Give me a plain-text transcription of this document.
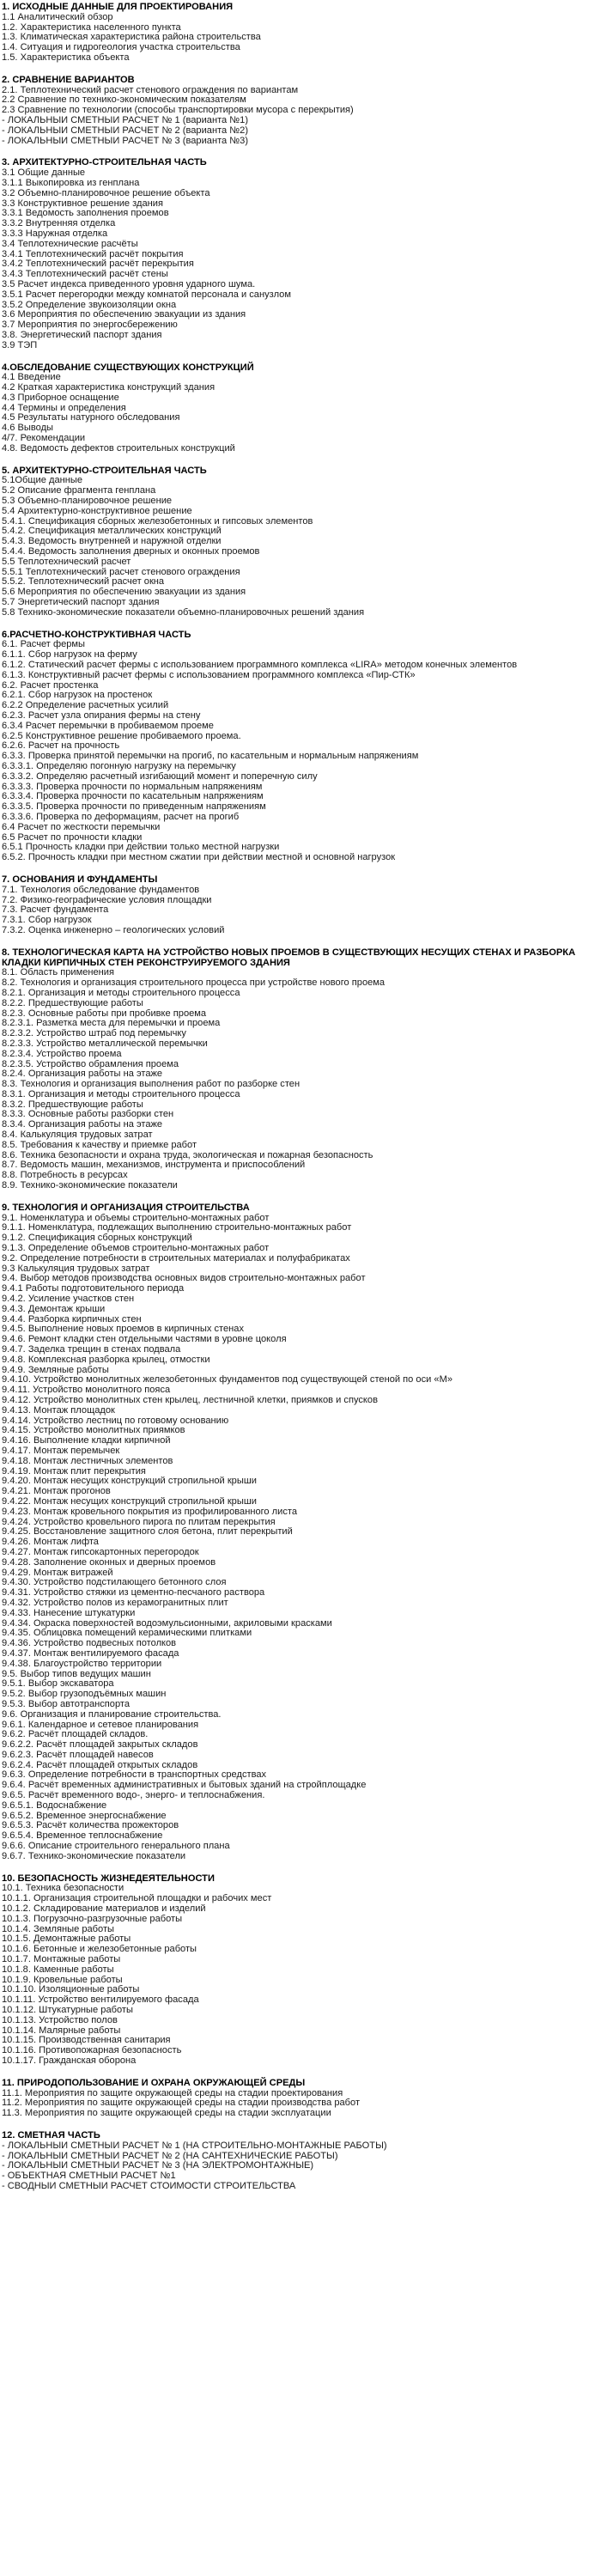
1. ИСХОДНЫЕ ДАННЫЕ ДЛЯ ПРОЕКТИРОВАНИЯ
1.1 Аналитический обзор
1.2. Характеристика населенного пункта
1.3. Климатическая характеристика района строительства
1.4. Ситуация и гидрогеология участка строительства
1.5. Характеристика объекта
2. СРАВНЕНИЕ ВАРИАНТОВ
2.1. Теплотехнический расчет стенового ограждения по вариантам
2.2 Сравнение по технико-экономическим показателям
2.3 Сравнение по технологии (способы транспортировки мусора с перекрытия)
- ЛОКАЛЬНЫЙ СМЕТНЫЙ РАСЧЕТ № 1 (варианта №1)
- ЛОКАЛЬНЫЙ СМЕТНЫЙ РАСЧЕТ № 2 (варианта №2)
- ЛОКАЛЬНЫЙ СМЕТНЫЙ РАСЧЕТ № 3 (варианта №3)
3. АРХИТЕКТУРНО-СТРОИТЕЛЬНАЯ ЧАСТЬ
3.1 Общие данные
3.1.1 Выкопировка из генплана
3.2 Объемно-планировочное решение объекта
3.3 Конструктивное решение здания
3.3.1 Ведомость заполнения проемов
3.3.2 Внутренняя отделка
3.3.3 Наружная отделка
3.4 Теплотехнические расчёты
3.4.1 Теплотехнический расчёт покрытия
3.4.2 Теплотехнический расчёт перекрытия
3.4.3 Теплотехнический расчёт стены
3.5 Расчет индекса приведенного уровня ударного шума.
3.5.1 Расчет перегородки между комнатой персонала и санузлом
3.5.2 Определение звукоизоляции окна
3.6 Мероприятия по обеспечению эвакуации из здания
3.7 Мероприятия по энергосбережению
3.8. Энергетический паспорт здания
3.9 ТЭП
4.ОБСЛЕДОВАНИЕ СУЩЕСТВУЮЩИХ КОНСТРУКЦИЙ
4.1 Введение
4.2 Краткая характеристика конструкций здания
4.3 Приборное оснащение
4.4 Термины и определения
4.5 Результаты натурного обследования
4.6 Выводы
4/7. Рекомендации
4.8. Ведомость дефектов строительных конструкций
5. АРХИТЕКТУРНО-СТРОИТЕЛЬНАЯ ЧАСТЬ
5.1Общие данные
5.2 Описание фрагмента генплана
5.3 Объемно-планировочное решение
5.4 Архитектурно-конструктивное решение
5.4.1. Спецификация сборных железобетонных и гипсовых элементов
5.4.2. Спецификация металлических конструкций
5.4.3. Ведомость внутренней и наружной отделки
5.4.4. Ведомость заполнения дверных и оконных проемов
5.5 Теплотехнический расчет
5.5.1 Теплотехнический расчет стенового ограждения
5.5.2. Теплотехнический расчет окна
5.6 Мероприятия по обеспечению эвакуации из здания
5.7 Энергетический паспорт здания
5.8 Технико-экономические показатели объемно-планировочных решений здания
6.РАСЧЕТНО-КОНСТРУКТИВНАЯ ЧАСТЬ
6.1. Расчет фермы
6.1.1. Сбор нагрузок на ферму
6.1.2. Статический расчет фермы с использованием программного комплекса «LIRA» методом конечных элементов
6.1.3. Конструктивный расчет фермы с использованием программного комплекса «Пир-СТК»
6.2. Расчет простенка
6.2.1. Сбор нагрузок на простенок
6.2.2 Определение расчетных усилий
6.2.3. Расчет узла опирания фермы на стену
6.3.4 Расчет перемычки в пробиваемом проеме
6.2.5 Конструктивное решение пробиваемого проема.
6.2.6. Расчет на прочность
6.3.3. Проверка принятой перемычки на прогиб, по касательным и нормальным напряжениям
6.3.3.1. Определяю погонную нагрузку на перемычку
6.3.3.2. Определяю расчетный изгибающий момент и поперечную силу
6.3.3.3. Проверка прочности по нормальным напряжениям
6.3.3.4. Проверка прочности по касательным напряжениям
6.3.3.5. Проверка прочности по приведенным напряжениям
6.3.3.6. Проверка по деформациям, расчет на прогиб
6.4 Расчет по жесткости перемычки
6.5 Расчет по прочности кладки
6.5.1 Прочность кладки при действии только местной нагрузки
6.5.2. Прочность кладки при местном сжатии при действии местной и основной нагрузок
7. ОСНОВАНИЯ И ФУНДАМЕНТЫ
7.1. Технология обследование фундаментов
7.2. Физико-географические условия площадки
7.3. Расчет фундамента
7.3.1. Сбор нагрузок
7.3.2. Оценка инженерно – геологических условий
8. ТЕХНОЛОГИЧЕСКАЯ КАРТА НА УСТРОЙСТВО НОВЫХ ПРОЕМОВ В СУЩЕСТВУЮЩИХ НЕСУЩИХ СТЕНАХ И РАЗБОРКА КЛАДКИ КИРПИЧНЫХ СТЕН РЕКОНСТРУИРУЕМОГО ЗДАНИЯ
8.1. Область применения
8.2. Технология и организация строительного процесса при устройстве нового проема
8.2.1. Организация и методы строительного процесса
8.2.2. Предшествующие работы
8.2.3. Основные работы при пробивке проема
8.2.3.1. Разметка места для перемычки и проема
8.2.3.2. Устройство штраб под перемычку
8.2.3.3. Устройство металлической перемычки
8.2.3.4. Устройство проема
8.2.3.5. Устройство обрамления проема
8.2.4. Организация работы на этаже
8.3. Технология и организация выполнения работ по разборке стен
8.3.1. Организация и методы строительного процесса
8.3.2. Предшествующие работы
8.3.3. Основные работы разборки стен
8.3.4. Организация работы на этаже
8.4. Калькуляция трудовых затрат
8.5. Требования к качеству и приемке работ
8.6. Техника безопасности и охрана труда, экологическая и пожарная безопасность
8.7. Ведомость машин, механизмов, инструмента и приспособлений
8.8. Потребность в ресурсах
8.9. Технико-экономические показатели
9. ТЕХНОЛОГИЯ И ОРГАНИЗАЦИЯ СТРОИТЕЛЬСТВА
9.1. Номенклатура и объемы строительно-монтажных работ
9.1.1. Номенклатура, подлежащих выполнению строительно-монтажных работ
9.1.2. Спецификация сборных конструкций
9.1.3. Определение объемов строительно-монтажных работ
9.2. Определение потребности в строительных материалах и полуфабрикатах
9.3 Калькуляция трудовых затрат
9.4. Выбор методов производства основных видов строительно-монтажных работ
9.4.1 Работы подготовительного периода
9.4.2. Усиление участков стен
9.4.3. Демонтаж крыши
9.4.4. Разборка кирпичных стен
9.4.5. Выполнение новых проемов в кирпичных стенах
9.4.6. Ремонт кладки стен отдельными частями в уровне цоколя
9.4.7. Заделка трещин в стенах подвала
9.4.8. Комплексная разборка крылец, отмостки
9.4.9. Земляные работы
9.4.10. Устройство монолитных железобетонных фундаментов под существующей стеной по оси «М»
9.4.11. Устройство монолитного пояса
9.4.12. Устройство монолитных стен крылец, лестничной клетки, приямков и спусков
9.4.13. Монтаж площадок
9.4.14. Устройство лестниц по готовому основанию
9.4.15. Устройство монолитных приямков
9.4.16. Выполнение кладки кирпичной
9.4.17. Монтаж перемычек
9.4.18. Монтаж лестничных элементов
9.4.19. Монтаж плит перекрытия
9.4.20. Монтаж несущих конструкций стропильной крыши
9.4.21. Монтаж прогонов
9.4.22. Монтаж несущих конструкций стропильной крыши
9.4.23. Монтаж кровельного покрытия из профилированного листа
9.4.24. Устройство кровельного пирога по плитам перекрытия
9.4.25. Восстановление защитного слоя бетона, плит перекрытий
9.4.26. Монтаж лифта
9.4.27. Монтаж гипсокартонных перегородок
9.4.28. Заполнение оконных и дверных проемов
9.4.29. Монтаж витражей
9.4.30. Устройство подстилающего бетонного слоя
9.4.31. Устройство стяжки из цементно-песчаного раствора
9.4.32. Устройство полов из керамогранитных плит
9.4.33. Нанесение штукатурки
9.4.34. Окраска поверхностей водоэмульсионными, акриловыми красками
9.4.35. Облицовка помещений керамическими плитками
9.4.36. Устройство подвесных потолков
9.4.37. Монтаж вентилируемого фасада
9.4.38. Благоустройство территории
9.5. Выбор типов ведущих машин
9.5.1. Выбор экскаватора
9.5.2. Выбор грузоподъёмных машин
9.5.3. Выбор автотранспорта
9.6. Организация и планирование строительства.
9.6.1. Календарное и сетевое планирования
9.6.2. Расчёт площадей складов.
9.6.2.2. Расчёт площадей закрытых складов
9.6.2.3. Расчёт площадей навесов
9.6.2.4. Расчёт площадей открытых складов
9.6.3. Определение потребности в транспортных средствах
9.6.4. Расчёт временных административных и бытовых зданий на стройплощадке
9.6.5. Расчёт временного водо-, энерго- и теплоснабжения.
9.6.5.1. Водоснабжение
9.6.5.2. Временное энергоснабжение
9.6.5.3. Расчёт количества прожекторов
9.6.5.4. Временное теплоснабжение
9.6.6. Описание строительного генерального плана
9.6.7. Технико-экономические показатели
10. БЕЗОПАСНОСТЬ ЖИЗНЕДЕЯТЕЛЬНОСТИ
10.1. Техника безопасности
10.1.1. Организация строительной площадки и рабочих мест
10.1.2. Складирование материалов и изделий
10.1.3. Погрузочно-разгрузочные работы
10.1.4. Земляные работы
10.1.5. Демонтажные работы
10.1.6. Бетонные и железобетонные работы
10.1.7. Монтажные работы
10.1.8. Каменные работы
10.1.9. Кровельные работы
10.1.10. Изоляционные работы
10.1.11. Устройство вентилируемого фасада
10.1.12. Штукатурные работы
10.1.13. Устройство полов
10.1.14. Малярные работы
10.1.15. Производственная санитария
10.1.16. Противопожарная безопасность
10.1.17. Гражданская оборона
11. ПРИРОДОПОЛЬЗОВАНИЕ И ОХРАНА ОКРУЖАЮЩЕЙ СРЕДЫ
11.1. Мероприятия по защите окружающей среды на стадии проектирования
11.2. Мероприятия по защите окружающей среды на стадии производства работ
11.3. Мероприятия по защите окружающей среды на стадии эксплуатации
12. СМЕТНАЯ ЧАСТЬ
- ЛОКАЛЬНЫЙ СМЕТНЫЙ РАСЧЕТ № 1 (НА СТРОИТЕЛЬНО-МОНТАЖНЫЕ РАБОТЫ)
- ЛОКАЛЬНЫЙ СМЕТНЫЙ РАСЧЕТ № 2 (НА САНТЕХНИЧЕСКИЕ РАБОТЫ)
- ЛОКАЛЬНЫЙ СМЕТНЫЙ РАСЧЕТ № 3 (НА ЭЛЕКТРОМОНТАЖНЫЕ)
- ОБЪЕКТНАЯ СМЕТНЫЙ РАСЧЕТ №1
- СВОДНЫЙ СМЕТНЫЙ РАСЧЕТ СТОИМОСТИ СТРОИТЕЛЬСТВА
